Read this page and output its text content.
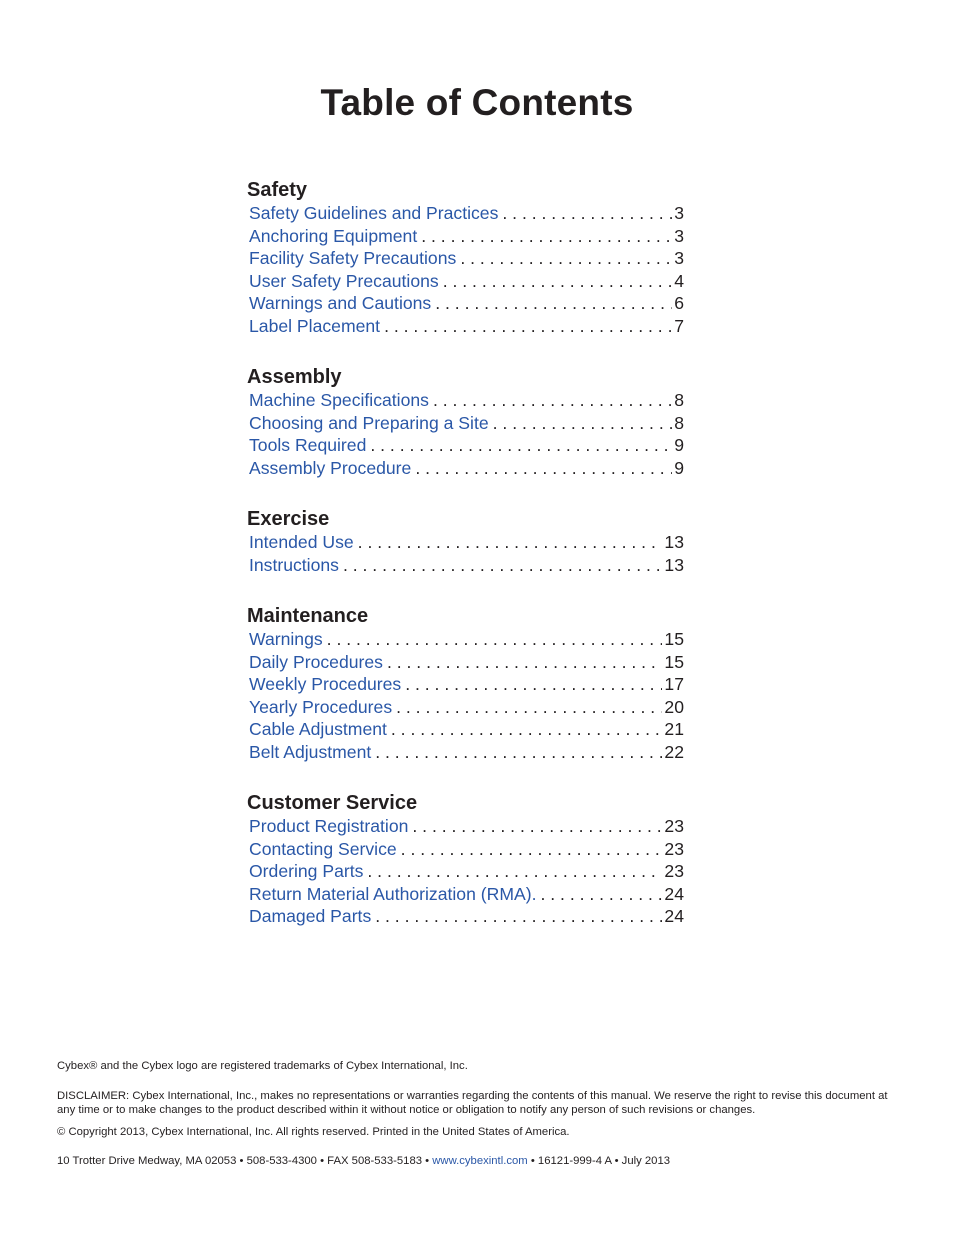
Table of Contents
Safety
Safety Guidelines and Practices . . .	3
Anchoring Equipment . . .	3
Facility Safety Precautions . . .	3
User Safety Precautions . . .	4
Warnings and Cautions . . .	6
Label Placement . . .	7
Assembly
Machine Specifications . . .	8
Choosing and Preparing a Site . . .	8
Tools Required . . .	9
Assembly Procedure . . .	9
Exercise
Intended Use . . .	13
Instructions . . .	13
Maintenance
Warnings . . .	15
Daily Procedures . . .	15
Weekly Procedures . . .	17
Yearly Procedures . . .	20
Cable Adjustment . . .	21
Belt Adjustment . . .	22
Customer Service
Product Registration . . .	23
Contacting Service . . .	23
Ordering Parts . . .	23
Return Material Authorization (RMA). . . .	24
Damaged Parts . . .	24

Cybex® and the Cybex logo are registered trademarks of Cybex International, Inc.

DISCLAIMER: Cybex International, Inc., makes no representations or warranties regarding the contents of this manual. We reserve the right to revise this document at any time or to make changes to the product described within it without notice or obligation to notify any person of such revisions or changes.

© Copyright 2013, Cybex International, Inc. All rights reserved. Printed in the United States of America.

10 Trotter Drive Medway, MA 02053 • 508-533-4300 • FAX 508-533-5183 • www.cybexintl.com • 16121-999-4 A • July 2013
